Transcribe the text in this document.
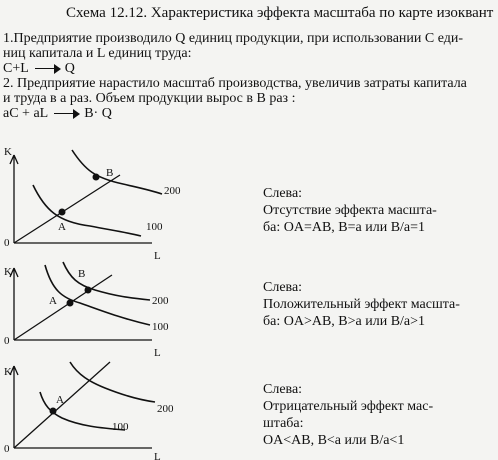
Схема 12.12. Характеристика эффекта масштаба по карте изоквант
1.Предприятие производило Q единиц продукции, при использовании С еди-
ниц капитала и L единиц труда:
С+L	Q
2. Предприятие нарастило масштаб производства, увеличив затраты капитала
и труда в а раз. Объем продукции вырос в В раз :
aC + aL	B· Q
K
0
L
A
B
200
100
Слева:
Отсутствие эффекта масшта-
ба: OA=AB, B=a или B/a=1
K
0
L
A
B
200
100
Слева:
Положительный эффект масшта-
ба: OA>AB, B>a или B/a>1
K
0
L
A
200
100
Слева:
Отрицательный эффект мас-
штаба:
OA<AB, B<a или B/a<1
